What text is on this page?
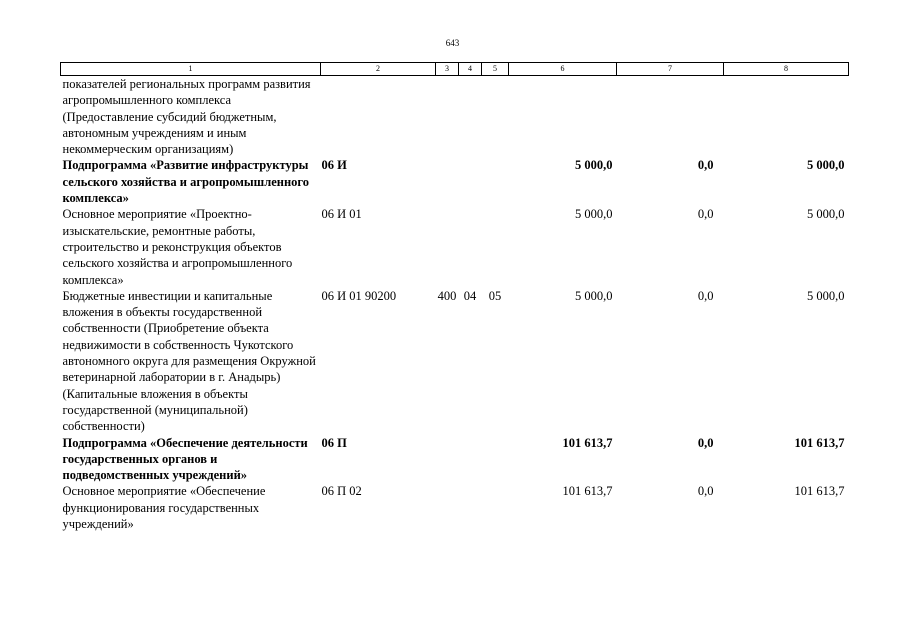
643
1	2	3	4	5	6	7	8
показателей региональных программ развития агропромышленного комплекса (Предоставление субсидий бюджетным, автономным учреждениям и иным некоммерческим организациям)							
Подпрограмма «Развитие инфраструктуры сельского хозяйства и агропромышленного комплекса»	06 И				5 000,0	0,0	5 000,0
Основное мероприятие «Проектно-изыскательские, ремонтные работы, строительство и реконструкция объектов сельского хозяйства и агропромышленного комплекса»	06 И 01				5 000,0	0,0	5 000,0
Бюджетные инвестиции и капитальные вложения в объекты государственной собственности (Приобретение объекта недвижимости в собственность Чукотского автономного округа для размещения Окружной ветеринарной лаборатории в г. Анадырь) (Капитальные вложения в объекты государственной (муниципальной) собственности)	06 И 01 90200	400	04	05	5 000,0	0,0	5 000,0
Подпрограмма «Обеспечение деятельности государственных органов и подведомственных учреждений»	06 П				101 613,7	0,0	101 613,7
Основное мероприятие «Обеспечение функционирования государственных учреждений»	06 П 02				101 613,7	0,0	101 613,7
